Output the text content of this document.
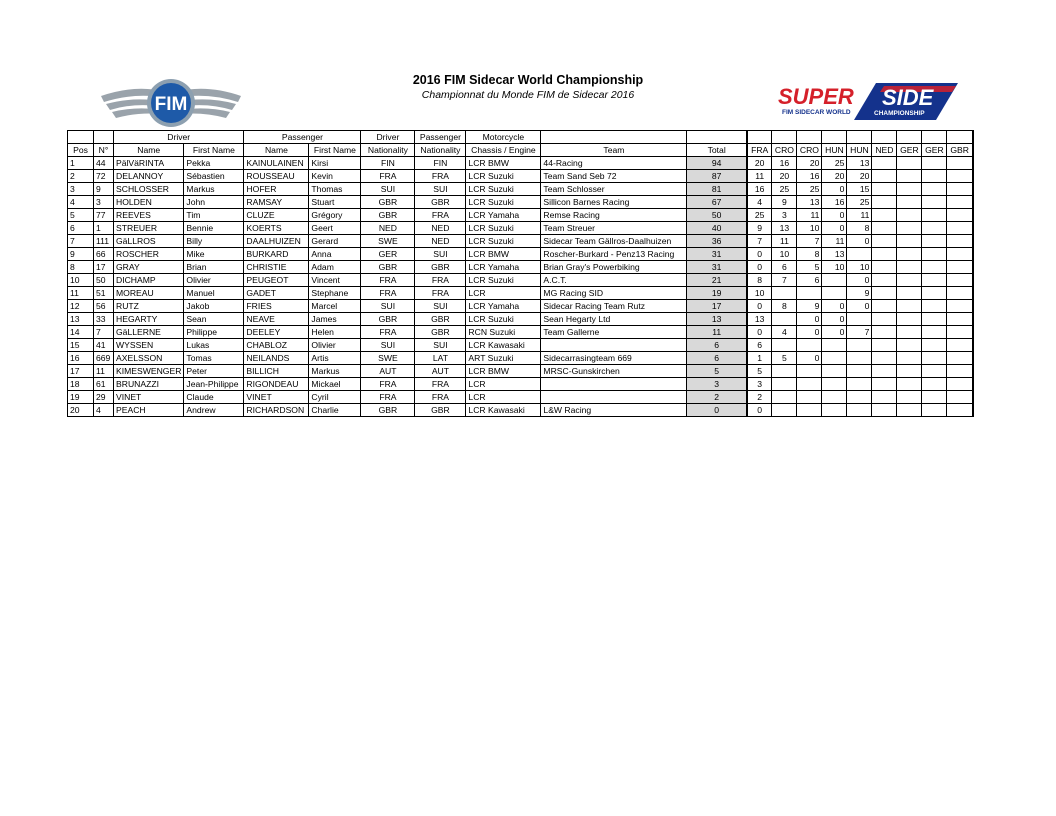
FIM
2016 FIM Sidecar World Championship
Championnat du Monde FIM de Sidecar 2016	SUPER SIDE
FIM SIDECAR WORLD	CHAMPIONSHIP
		Driver		Passenger		Driver	Passenger	Motorcycle											
Pos	N°	Name	First Name	Name	First Name	Nationality	Nationality	Chassis / Engine	Team	Total	FRA	CRO	CRO	HUN	HUN	NED	GER	GER	GBR
1	44	PälVäRINTA	Pekka	KAINULAINEN	Kirsi	FIN	FIN	LCR BMW	44-Racing	94	20	16	20	25	13				
2	72	DELANNOY	Sébastien	ROUSSEAU	Kevin	FRA	FRA	LCR Suzuki	Team Sand Seb 72	87	11	20	16	20	20				
3	9	SCHLOSSER	Markus	HOFER	Thomas	SUI	SUI	LCR Suzuki	Team Schlosser	81	16	25	25	0	15				
4	3	HOLDEN	John	RAMSAY	Stuart	GBR	GBR	LCR Suzuki	Sillicon Barnes Racing	67	4	9	13	16	25				
5	77	REEVES	Tim	CLUZE	Grégory	GBR	FRA	LCR Yamaha	Remse Racing	50	25	3	11	0	11				
6	1	STREUER	Bennie	KOERTS	Geert	NED	NED	LCR Suzuki	Team Streuer	40	9	13	10	0	8				
7	111	GäLLROS	Billy	DAALHUIZEN	Gerard	SWE	NED	LCR Suzuki	Sidecar Team Gällros-Daalhuizen	36	7	11	7	11	0				
9	66	ROSCHER	Mike	BURKARD	Anna	GER	SUI	LCR BMW	Roscher-Burkard - Penz13 Racing	31	0	10	8	13					
8	17	GRAY	Brian	CHRISTIE	Adam	GBR	GBR	LCR Yamaha	Brian Gray's Powerbiking	31	0	6	5	10	10				
10	50	DICHAMP	Olivier	PEUGEOT	Vincent	FRA	FRA	LCR Suzuki	A.C.T.	21	8	7	6		0				
11	51	MOREAU	Manuel	GADET	Stephane	FRA	FRA	LCR	MG Racing SID	19	10				9				
12	56	RUTZ	Jakob	FRIES	Marcel	SUI	SUI	LCR Yamaha	Sidecar Racing Team Rutz	17	0	8	9	0	0				
13	33	HEGARTY	Sean	NEAVE	James	GBR	GBR	LCR Suzuki	Sean Hegarty Ltd	13	13		0	0					
14	7	GäLLERNE	Philippe	DEELEY	Helen	FRA	GBR	RCN Suzuki	Team Gallerne	11	0	4	0	0	7				
15	41	WYSSEN	Lukas	CHABLOZ	Olivier	SUI	SUI	LCR Kawasaki		6	6								
16	669	AXELSSON	Tomas	NEILANDS	Artis	SWE	LAT	ART Suzuki	Sidecarrasingteam 669	6	1	5	0						
17	11	KIMESWENGER	Peter	BILLICH	Markus	AUT	AUT	LCR BMW	MRSC-Gunskirchen	5	5								
18	61	BRUNAZZI	Jean-Philippe	RIGONDEAU	Mickael	FRA	FRA	LCR		3	3								
19	29	VINET	Claude	VINET	Cyril	FRA	FRA	LCR		2	2								
20	4	PEACH	Andrew	RICHARDSON	Charlie	GBR	GBR	LCR Kawasaki	L&W Racing	0	0								
